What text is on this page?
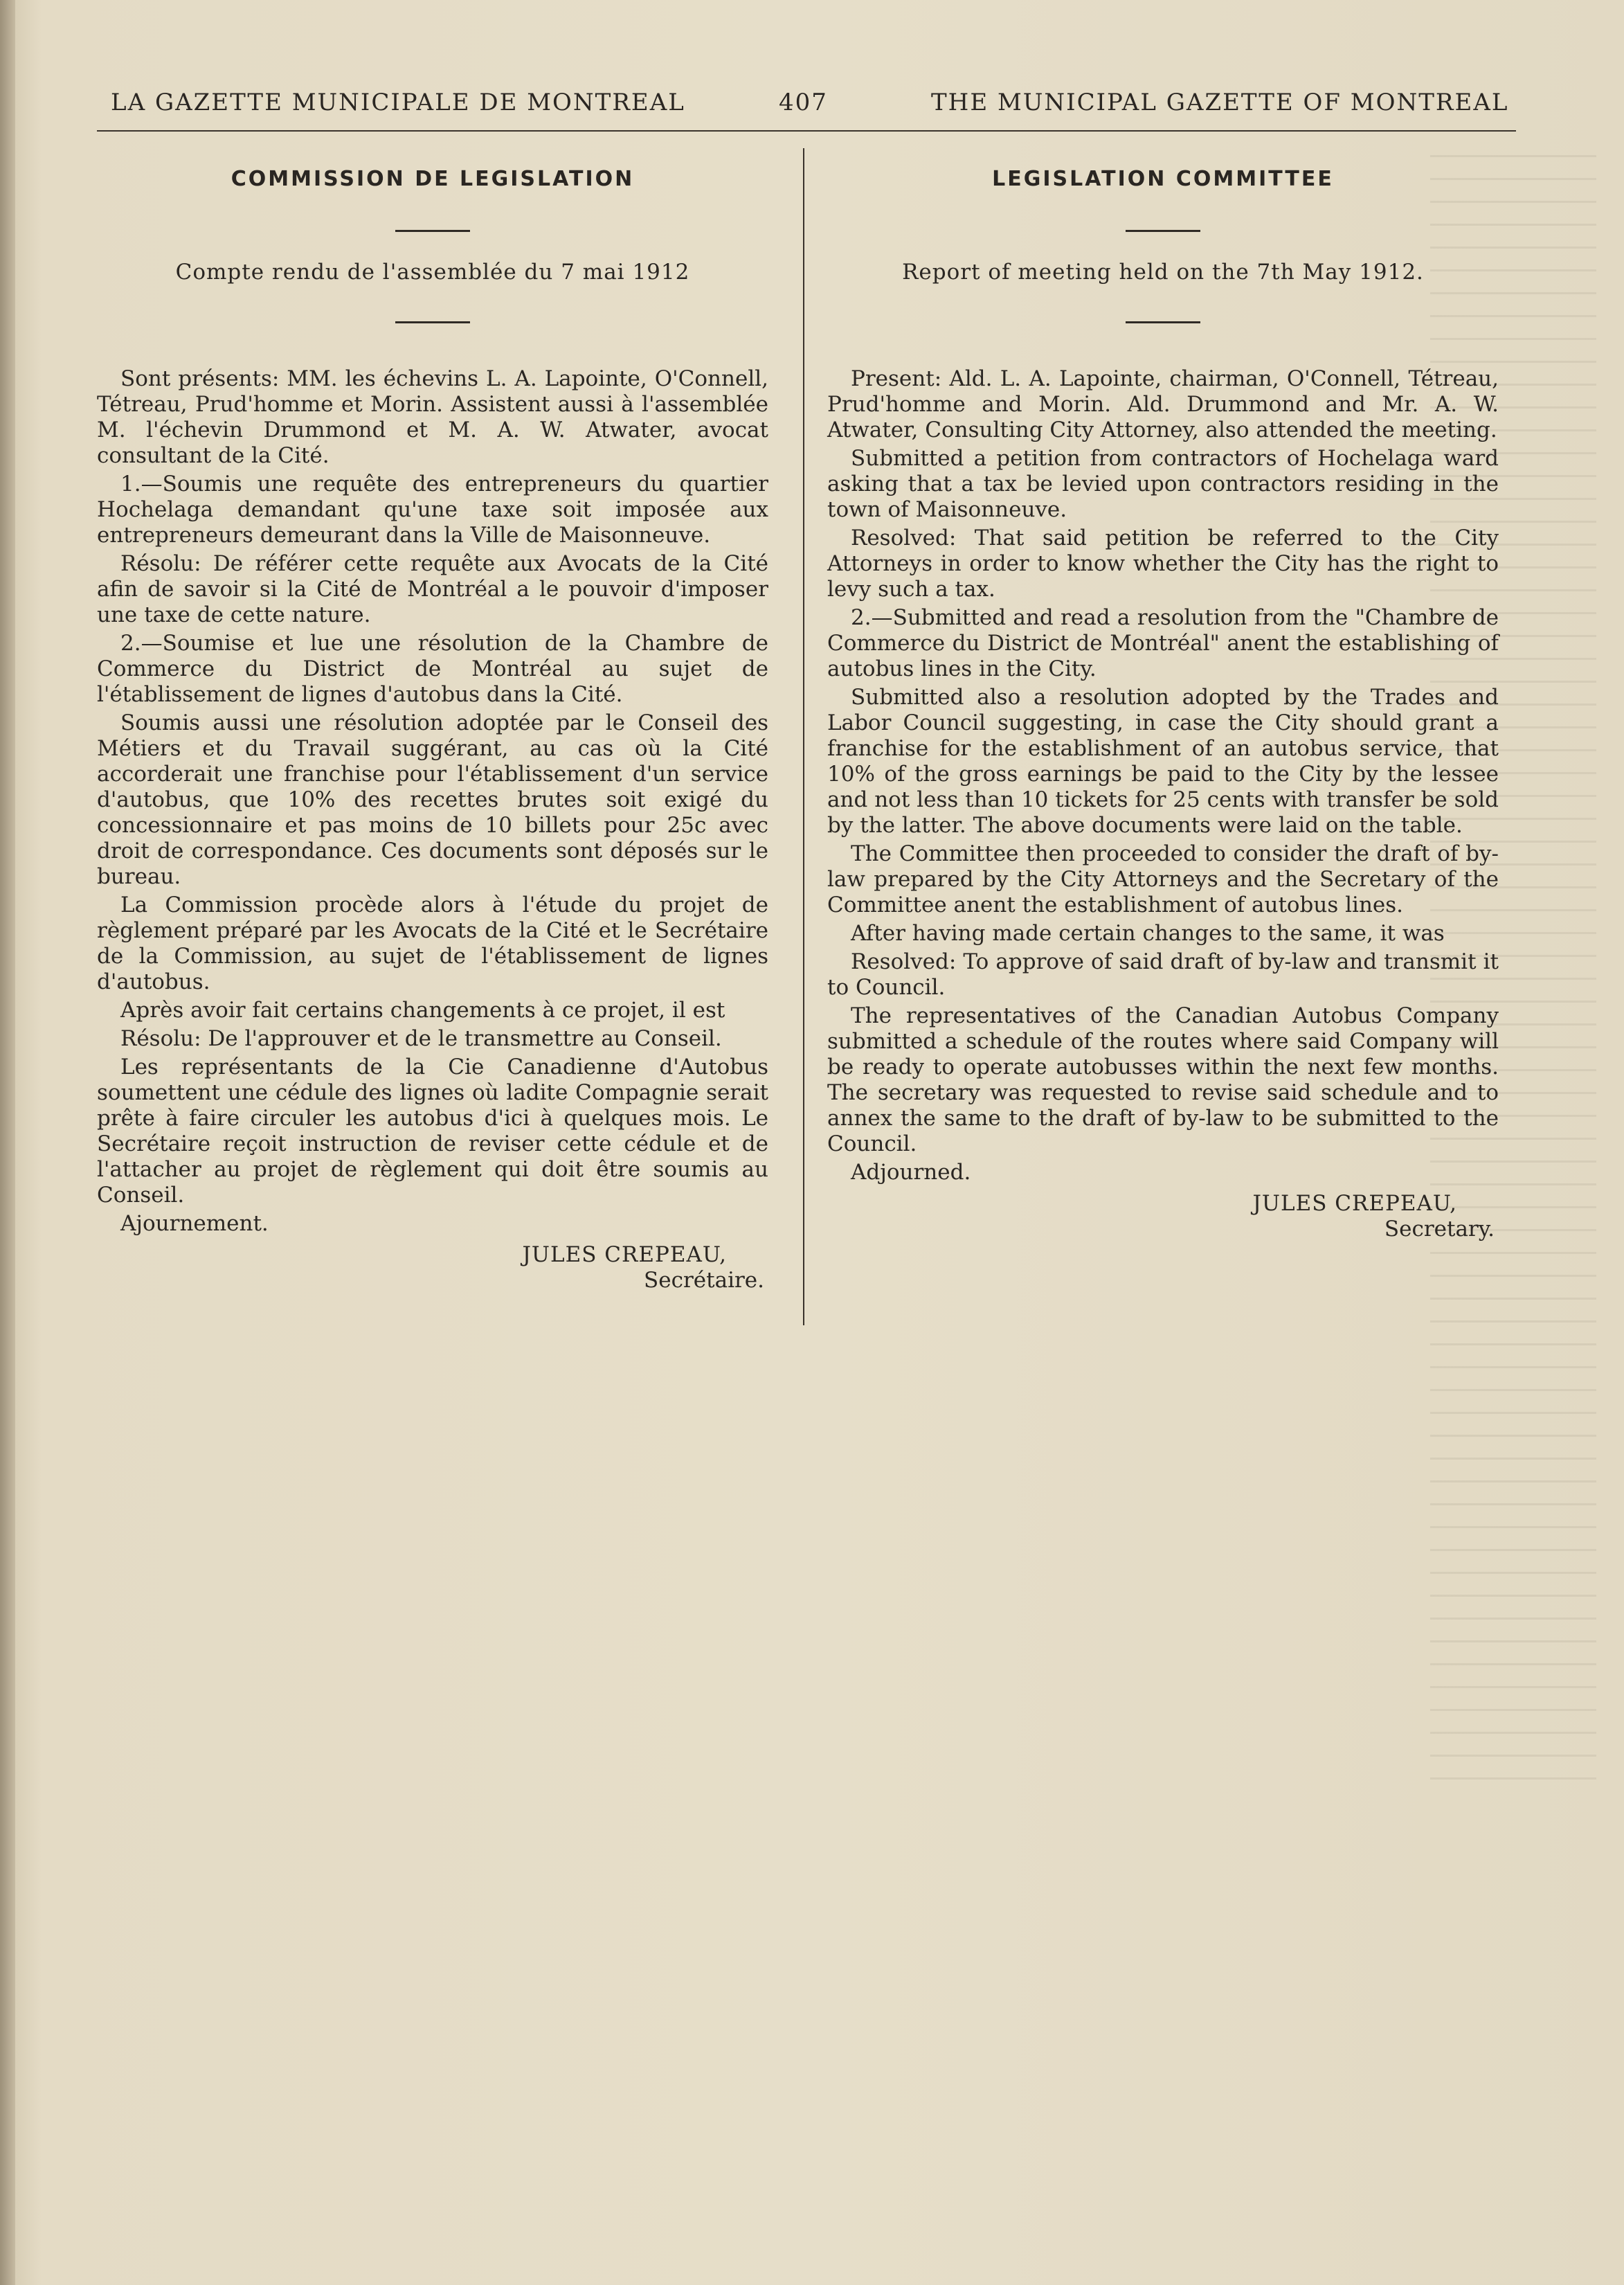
LA GAZETTE MUNICIPALE DE MONTREAL	407	THE MUNICIPAL GAZETTE OF MONTREAL
COMMISSION DE LEGISLATION

Compte rendu de l'assemblée du 7 mai 1912

Sont présents: MM. les échevins L. A. Lapointe, O'Connell, Tétreau, Prud'homme et Morin. Assistent aussi à l'assemblée M. l'échevin Drummond et M. A. W. Atwater, avocat consultant de la Cité.

1.—Soumis une requête des entrepreneurs du quartier Hochelaga demandant qu'une taxe soit imposée aux entrepreneurs demeurant dans la Ville de Maisonneuve.

Résolu: De référer cette requête aux Avocats de la Cité afin de savoir si la Cité de Montréal a le pouvoir d'imposer une taxe de cette nature.

2.—Soumise et lue une résolution de la Chambre de Commerce du District de Montréal au sujet de l'établissement de lignes d'autobus dans la Cité.

Soumis aussi une résolution adoptée par le Conseil des Métiers et du Travail suggérant, au cas où la Cité accorderait une franchise pour l'établissement d'un service d'autobus, que 10% des recettes brutes soit exigé du concessionnaire et pas moins de 10 billets pour 25c avec droit de correspondance. Ces documents sont déposés sur le bureau.

La Commission procède alors à l'étude du projet de règlement préparé par les Avocats de la Cité et le Secrétaire de la Commission, au sujet de l'établissement de lignes d'autobus.

Après avoir fait certains changements à ce projet, il est

Résolu: De l'approuver et de le transmettre au Conseil.

Les représentants de la Cie Canadienne d'Autobus soumettent une cédule des lignes où ladite Compagnie serait prête à faire circuler les autobus d'ici à quelques mois. Le Secrétaire reçoit instruction de reviser cette cédule et de l'attacher au projet de règlement qui doit être soumis au Conseil.

Ajournement.

JULES CREPEAU,
Secrétaire.
LEGISLATION COMMITTEE

Report of meeting held on the 7th May 1912.

Present: Ald. L. A. Lapointe, chairman, O'Connell, Tétreau, Prud'homme and Morin. Ald. Drummond and Mr. A. W. Atwater, Consulting City Attorney, also attended the meeting.

Submitted a petition from contractors of Hochelaga ward asking that a tax be levied upon contractors residing in the town of Maisonneuve.

Resolved: That said petition be referred to the City Attorneys in order to know whether the City has the right to levy such a tax.

2.—Submitted and read a resolution from the "Chambre de Commerce du District de Montréal" anent the establishing of autobus lines in the City.

Submitted also a resolution adopted by the Trades and Labor Council suggesting, in case the City should grant a franchise for the establishment of an autobus service, that 10% of the gross earnings be paid to the City by the lessee and not less than 10 tickets for 25 cents with transfer be sold by the latter. The above documents were laid on the table.

The Committee then proceeded to consider the draft of by-law prepared by the City Attorneys and the Secretary of the Committee anent the establishment of autobus lines.

After having made certain changes to the same, it was

Resolved: To approve of said draft of by-law and transmit it to Council.

The representatives of the Canadian Autobus Company submitted a schedule of the routes where said Company will be ready to operate autobusses within the next few months. The secretary was requested to revise said schedule and to annex the same to the draft of by-law to be submitted to the Council.

Adjourned.

JULES CREPEAU,
Secretary.
